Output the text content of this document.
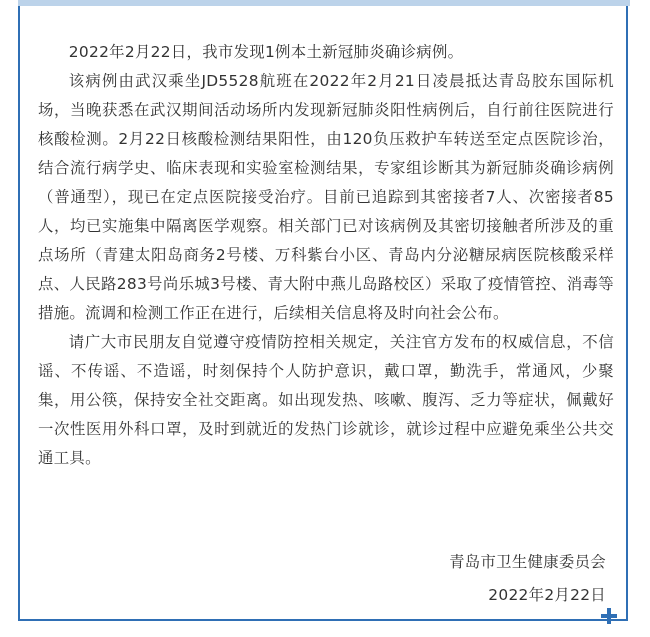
2022年2月22日，我市发现1例本土新冠肺炎确诊病例。

该病例由武汉乘坐JD5528航班在2022年2月21日凌晨抵达青岛胶东国际机场，当晚获悉在武汉期间活动场所内发现新冠肺炎阳性病例后，自行前往医院进行核酸检测。2月22日核酸检测结果阳性，由120负压救护车转送至定点医院诊治，结合流行病学史、临床表现和实验室检测结果，专家组诊断其为新冠肺炎确诊病例（普通型），现已在定点医院接受治疗。目前已追踪到其密接者7人、次密接者85人，均已实施集中隔离医学观察。相关部门已对该病例及其密切接触者所涉及的重点场所（青建太阳岛商务2号楼、万科紫台小区、青岛内分泌糖尿病医院核酸采样点、人民路283号尚乐城3号楼、青大附中燕儿岛路校区）采取了疫情管控、消毒等措施。流调和检测工作正在进行，后续相关信息将及时向社会公布。

请广大市民朋友自觉遵守疫情防控相关规定，关注官方发布的权威信息，不信谣、不传谣、不造谣，时刻保持个人防护意识，戴口罩，勤洗手，常通风，少聚集，用公筷，保持安全社交距离。如出现发热、咳嗽、腹泻、乏力等症状，佩戴好一次性医用外科口罩，及时到就近的发热门诊就诊，就诊过程中应避免乘坐公共交通工具。

青岛市卫生健康委员会
2022年2月22日
